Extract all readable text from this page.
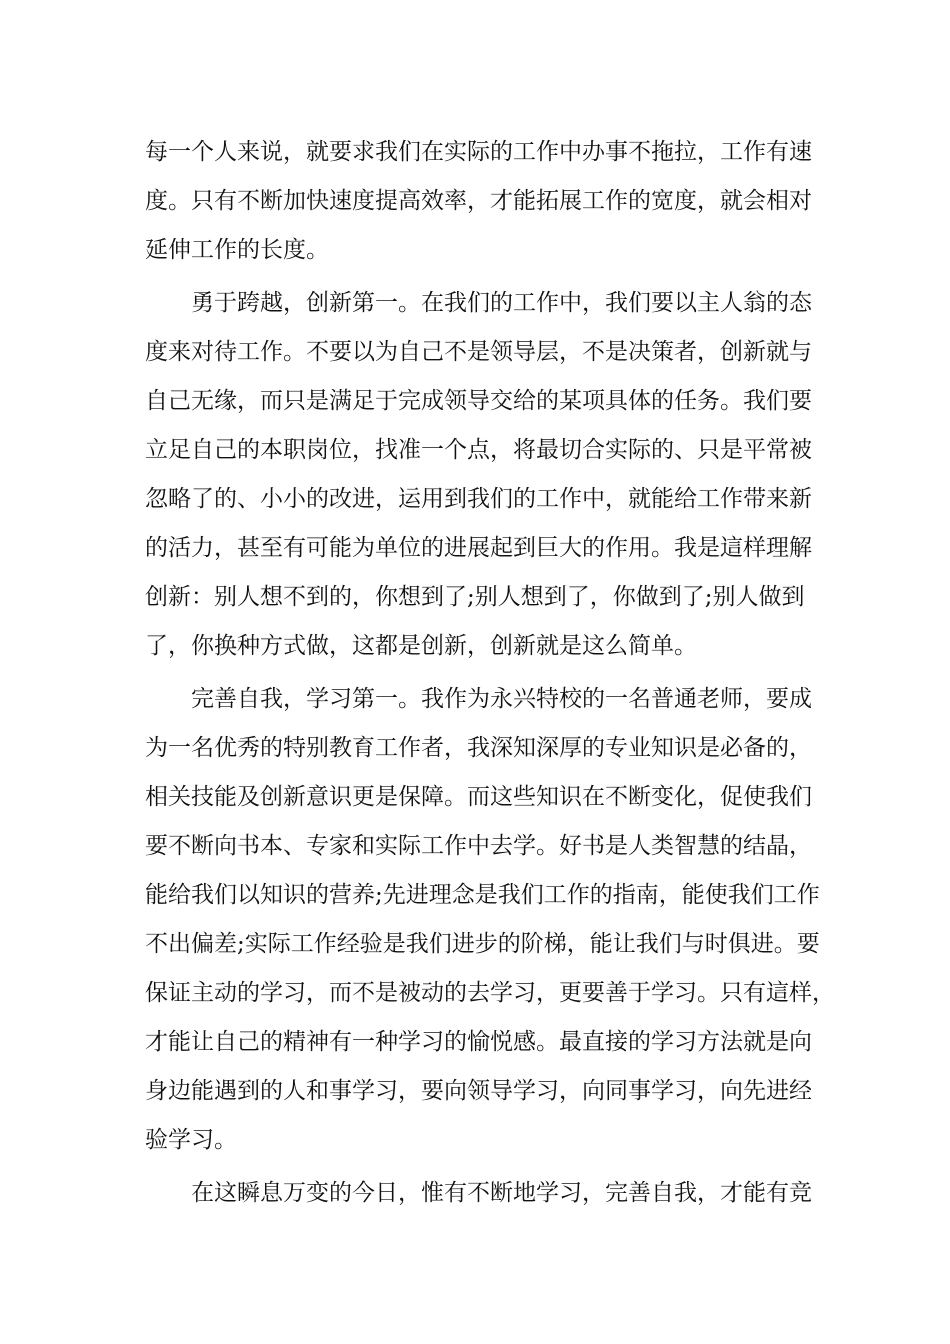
每一个人来说，就要求我们在实际的工作中办事不拖拉，工作有速
度。只有不断加快速度提高效率，才能拓展工作的宽度，就会相对
延伸工作的长度。
　　勇于跨越，创新第一。在我们的工作中，我们要以主人翁的态
度来对待工作。不要以为自己不是领导层，不是决策者，创新就与
自己无缘，而只是满足于完成领导交给的某项具体的任务。我们要
立足自己的本职岗位，找准一个点，将最切合实际的、只是平常被
忽略了的、小小的改进，运用到我们的工作中，就能给工作带来新
的活力，甚至有可能为单位的进展起到巨大的作用。我是這样理解
创新：别人想不到的，你想到了;别人想到了，你做到了;别人做到
了，你换种方式做，这都是创新，创新就是这么简单。
　　完善自我，学习第一。我作为永兴特校的一名普通老师，要成
为一名优秀的特别教育工作者，我深知深厚的专业知识是必备的，
相关技能及创新意识更是保障。而这些知识在不断变化，促使我们
要不断向书本、专家和实际工作中去学。好书是人类智慧的结晶，
能给我们以知识的营养;先进理念是我们工作的指南，能使我们工作
不出偏差;实际工作经验是我们进步的阶梯，能让我们与时俱进。要
保证主动的学习，而不是被动的去学习，更要善于学习。只有這样，
才能让自己的精神有一种学习的愉悦感。最直接的学习方法就是向
身边能遇到的人和事学习，要向领导学习，向同事学习，向先进经
验学习。
　　在这瞬息万变的今日，惟有不断地学习，完善自我，才能有竞
